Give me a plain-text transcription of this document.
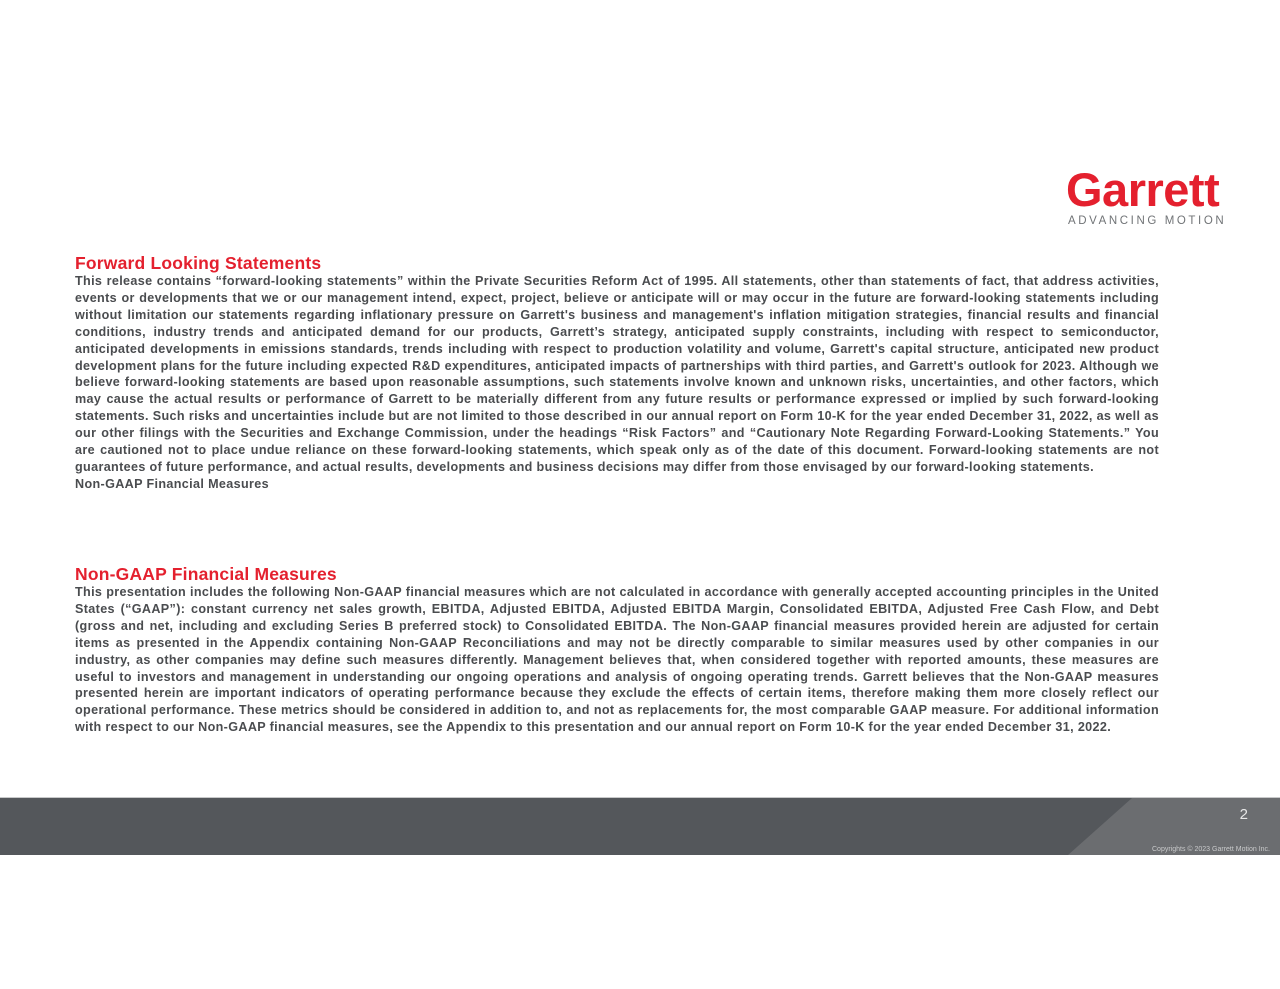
Garrett
ADVANCING MOTION
Forward Looking Statements

This release contains “forward-looking statements” within the Private Securities Reform Act of 1995. All statements, other than statements of fact, that address activities, events or developments that we or our management intend, expect, project, believe or anticipate will or may occur in the future are forward-looking statements including without limitation our statements regarding inflationary pressure on Garrett's business and management's inflation mitigation strategies, financial results and financial conditions, industry trends and anticipated demand for our products, Garrett’s strategy, anticipated supply constraints, including with respect to semiconductor, anticipated developments in emissions standards, trends including with respect to production volatility and volume, Garrett's capital structure, anticipated new product development plans for the future including expected R&D expenditures, anticipated impacts of partnerships with third parties, and Garrett's outlook for 2023. Although we believe forward-looking statements are based upon reasonable assumptions, such statements involve known and unknown risks, uncertainties, and other factors, which may cause the actual results or performance of Garrett to be materially different from any future results or performance expressed or implied by such forward-looking statements. Such risks and uncertainties include but are not limited to those described in our annual report on Form 10-K for the year ended December 31, 2022, as well as our other filings with the Securities and Exchange Commission, under the headings “Risk Factors” and “Cautionary Note Regarding Forward-Looking Statements.” You are cautioned not to place undue reliance on these forward-looking statements, which speak only as of the date of this document. Forward-looking statements are not guarantees of future performance, and actual results, developments and business decisions may differ from those envisaged by our forward-looking statements.

Non-GAAP Financial Measures
Non-GAAP Financial Measures

This presentation includes the following Non-GAAP financial measures which are not calculated in accordance with generally accepted accounting principles in the United States (“GAAP”): constant currency net sales growth, EBITDA, Adjusted EBITDA, Adjusted EBITDA Margin, Consolidated EBITDA, Adjusted Free Cash Flow, and Debt (gross and net, including and excluding Series B preferred stock) to Consolidated EBITDA. The Non-GAAP financial measures provided herein are adjusted for certain items as presented in the Appendix containing Non-GAAP Reconciliations and may not be directly comparable to similar measures used by other companies in our industry, as other companies may define such measures differently. Management believes that, when considered together with reported amounts, these measures are useful to investors and management in understanding our ongoing operations and analysis of ongoing operating trends. Garrett believes that the Non-GAAP measures presented herein are important indicators of operating performance because they exclude the effects of certain items, therefore making them more closely reflect our operational performance. These metrics should be considered in addition to, and not as replacements for, the most comparable GAAP measure. For additional information with respect to our Non-GAAP financial measures, see the Appendix to this presentation and our annual report on Form 10-K for the year ended December 31, 2022.

2
Copyrights © 2023 Garrett Motion Inc.
